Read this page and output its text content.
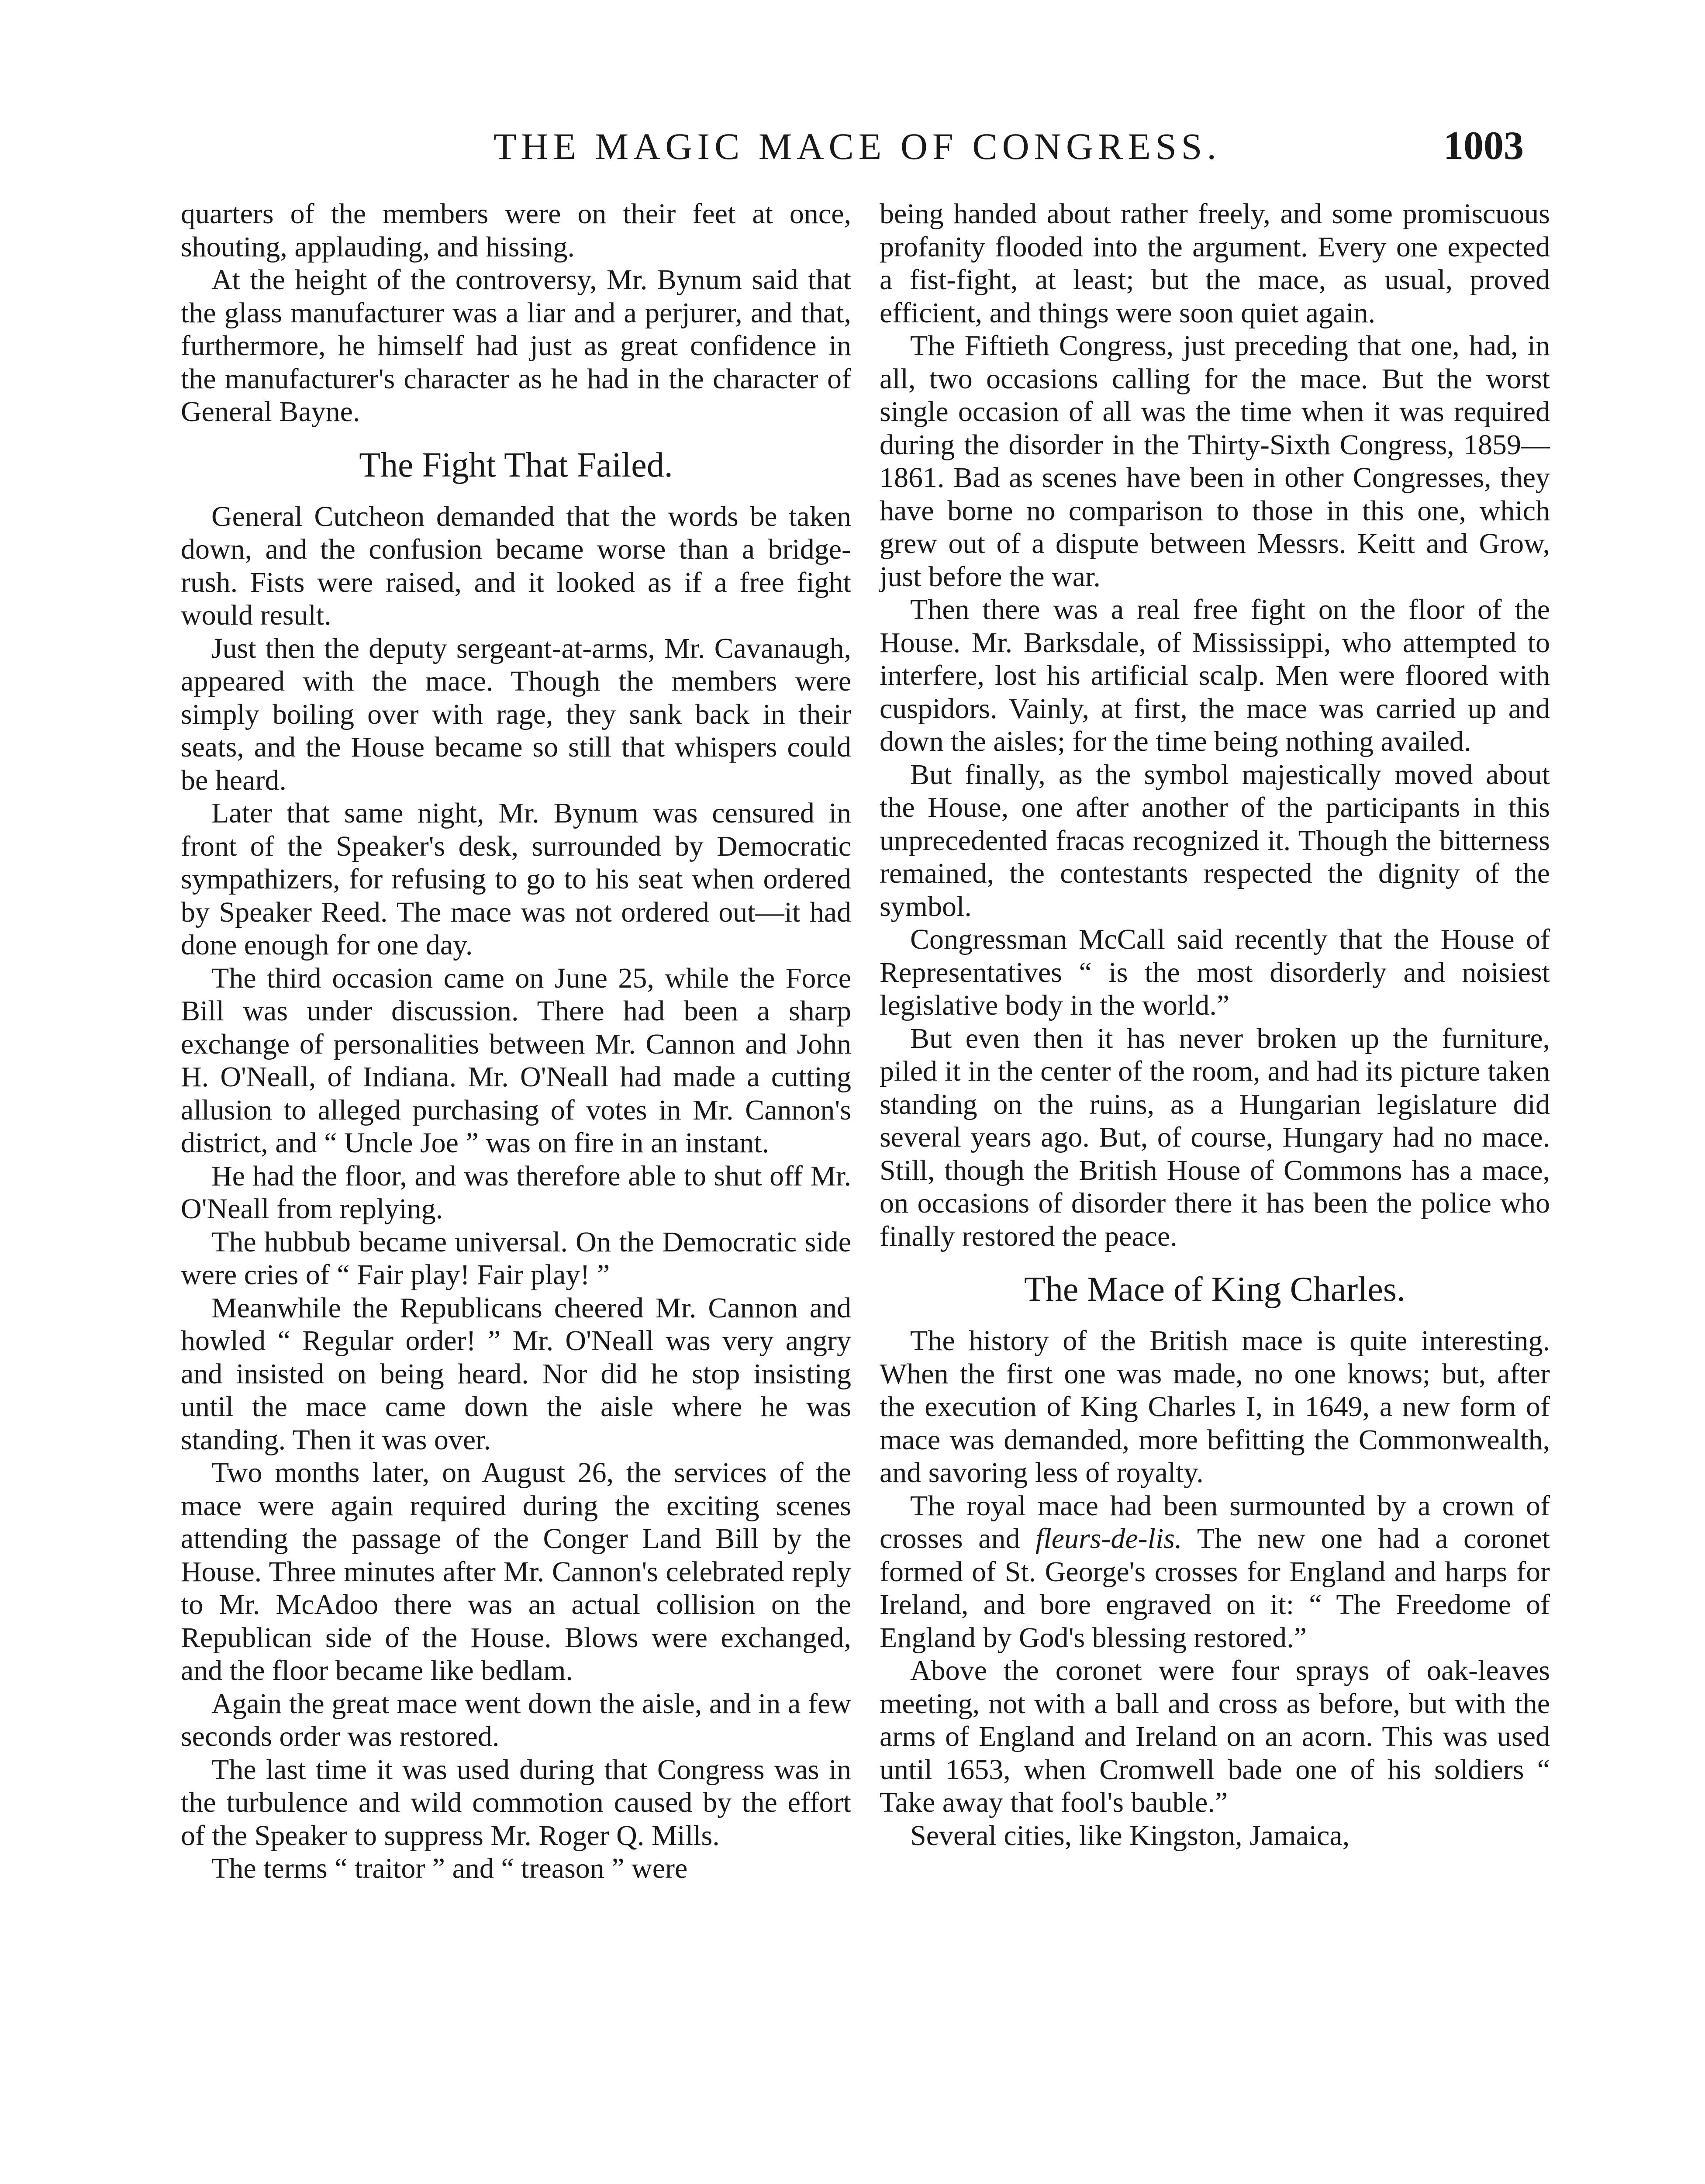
THE MAGIC MACE OF CONGRESS.	1003

quarters of the members were on their feet at once, shouting, applauding, and hissing.

At the height of the controversy, Mr. Bynum said that the glass manufacturer was a liar and a perjurer, and that, furthermore, he himself had just as great confidence in the manufacturer's character as he had in the character of General Bayne.

The Fight That Failed.

General Cutcheon demanded that the words be taken down, and the confusion became worse than a bridge-rush. Fists were raised, and it looked as if a free fight would result.

Just then the deputy sergeant-at-arms, Mr. Cavanaugh, appeared with the mace. Though the members were simply boiling over with rage, they sank back in their seats, and the House became so still that whispers could be heard.

Later that same night, Mr. Bynum was censured in front of the Speaker's desk, surrounded by Democratic sympathizers, for refusing to go to his seat when ordered by Speaker Reed. The mace was not ordered out—it had done enough for one day.

The third occasion came on June 25, while the Force Bill was under discussion. There had been a sharp exchange of personalities between Mr. Cannon and John H. O'Neall, of Indiana. Mr. O'Neall had made a cutting allusion to alleged purchasing of votes in Mr. Cannon's district, and “ Uncle Joe ” was on fire in an instant.

He had the floor, and was therefore able to shut off Mr. O'Neall from replying.

The hubbub became universal. On the Democratic side were cries of “ Fair play! Fair play! ”

Meanwhile the Republicans cheered Mr. Cannon and howled “ Regular order! ” Mr. O'Neall was very angry and insisted on being heard. Nor did he stop insisting until the mace came down the aisle where he was standing. Then it was over.

Two months later, on August 26, the services of the mace were again required during the exciting scenes attending the passage of the Conger Land Bill by the House. Three minutes after Mr. Cannon's celebrated reply to Mr. McAdoo there was an actual collision on the Republican side of the House. Blows were exchanged, and the floor became like bedlam.

Again the great mace went down the aisle, and in a few seconds order was restored.

The last time it was used during that Congress was in the turbulence and wild commotion caused by the effort of the Speaker to suppress Mr. Roger Q. Mills.

The terms “ traitor ” and “ treason ” were

being handed about rather freely, and some promiscuous profanity flooded into the argument. Every one expected a fist-fight, at least; but the mace, as usual, proved efficient, and things were soon quiet again.

The Fiftieth Congress, just preceding that one, had, in all, two occasions calling for the mace. But the worst single occasion of all was the time when it was required during the disorder in the Thirty-Sixth Congress, 1859—1861. Bad as scenes have been in other Congresses, they have borne no comparison to those in this one, which grew out of a dispute between Messrs. Keitt and Grow, just before the war.

Then there was a real free fight on the floor of the House. Mr. Barksdale, of Mississippi, who attempted to interfere, lost his artificial scalp. Men were floored with cuspidors. Vainly, at first, the mace was carried up and down the aisles; for the time being nothing availed.

But finally, as the symbol majestically moved about the House, one after another of the participants in this unprecedented fracas recognized it. Though the bitterness remained, the contestants respected the dignity of the symbol.

Congressman McCall said recently that the House of Representatives “ is the most disorderly and noisiest legislative body in the world.”

But even then it has never broken up the furniture, piled it in the center of the room, and had its picture taken standing on the ruins, as a Hungarian legislature did several years ago. But, of course, Hungary had no mace. Still, though the British House of Commons has a mace, on occasions of disorder there it has been the police who finally restored the peace.

The Mace of King Charles.

The history of the British mace is quite interesting. When the first one was made, no one knows; but, after the execution of King Charles I, in 1649, a new form of mace was demanded, more befitting the Commonwealth, and savoring less of royalty.

The royal mace had been surmounted by a crown of crosses and fleurs-de-lis. The new one had a coronet formed of St. George's crosses for England and harps for Ireland, and bore engraved on it: “ The Freedome of England by God's blessing restored.”

Above the coronet were four sprays of oak-leaves meeting, not with a ball and cross as before, but with the arms of England and Ireland on an acorn. This was used until 1653, when Cromwell bade one of his soldiers “ Take away that fool's bauble.”

Several cities, like Kingston, Jamaica,
